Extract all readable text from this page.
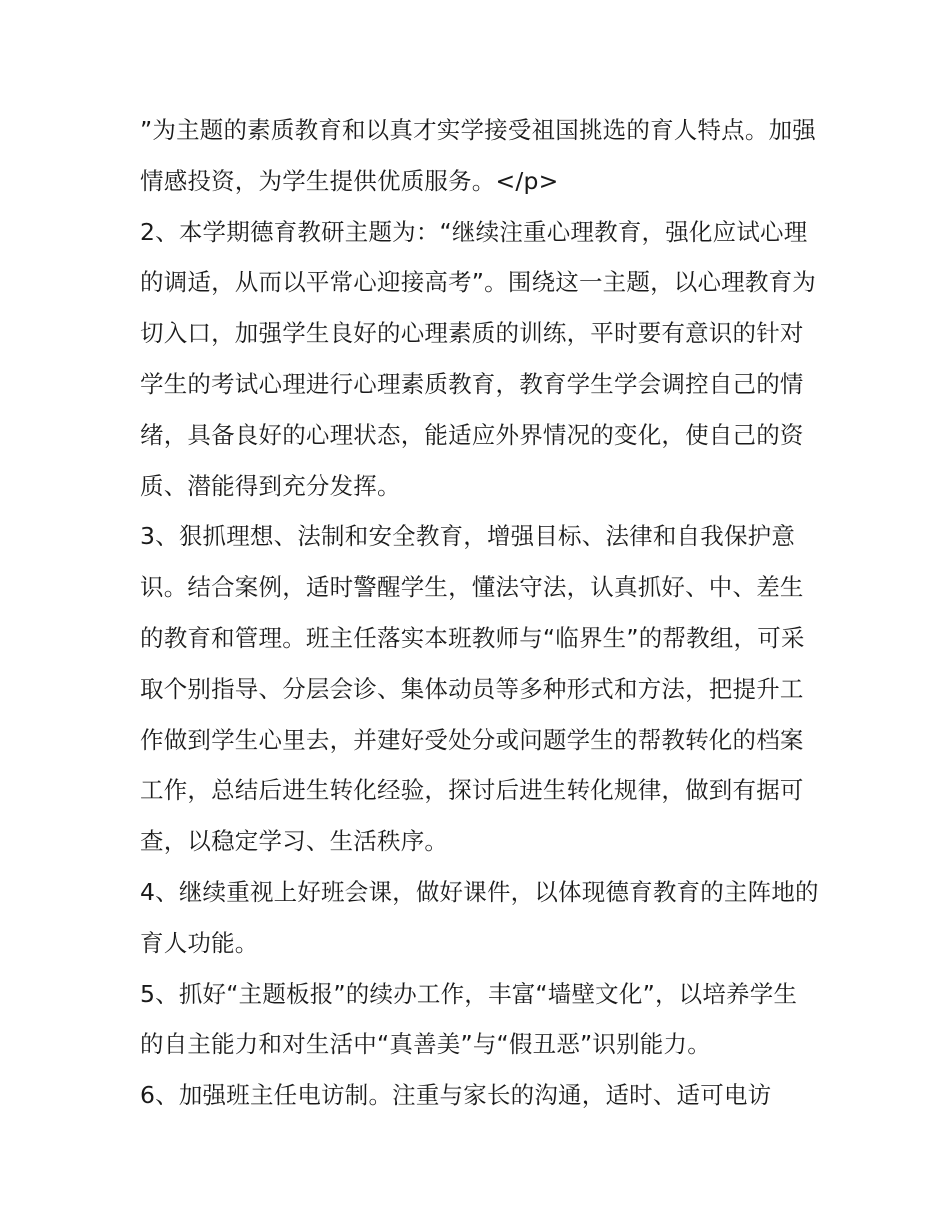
”为主题的素质教育和以真才实学接受祖国挑选的育人特点。加强情感投资，为学生提供优质服务。</p>

2、本学期德育教研主题为：“继续注重心理教育，强化应试心理的调适，从而以平常心迎接高考”。围绕这一主题，以心理教育为切入口，加强学生良好的心理素质的训练，平时要有意识的针对学生的考试心理进行心理素质教育，教育学生学会调控自己的情绪，具备良好的心理状态，能适应外界情况的变化，使自己的资质、潜能得到充分发挥。

3、狠抓理想、法制和安全教育，增强目标、法律和自我保护意识。结合案例，适时警醒学生，懂法守法，认真抓好、中、差生的教育和管理。班主任落实本班教师与“临界生”的帮教组，可采取个别指导、分层会诊、集体动员等多种形式和方法，把提升工作做到学生心里去，并建好受处分或问题学生的帮教转化的档案工作，总结后进生转化经验，探讨后进生转化规律，做到有据可查，以稳定学习、生活秩序。

4、继续重视上好班会课，做好课件，以体现德育教育的主阵地的育人功能。

5、抓好“主题板报”的续办工作，丰富“墙壁文化”，以培养学生的自主能力和对生活中“真善美”与“假丑恶”识别能力。

6、加强班主任电访制。注重与家长的沟通，适时、适可电访
